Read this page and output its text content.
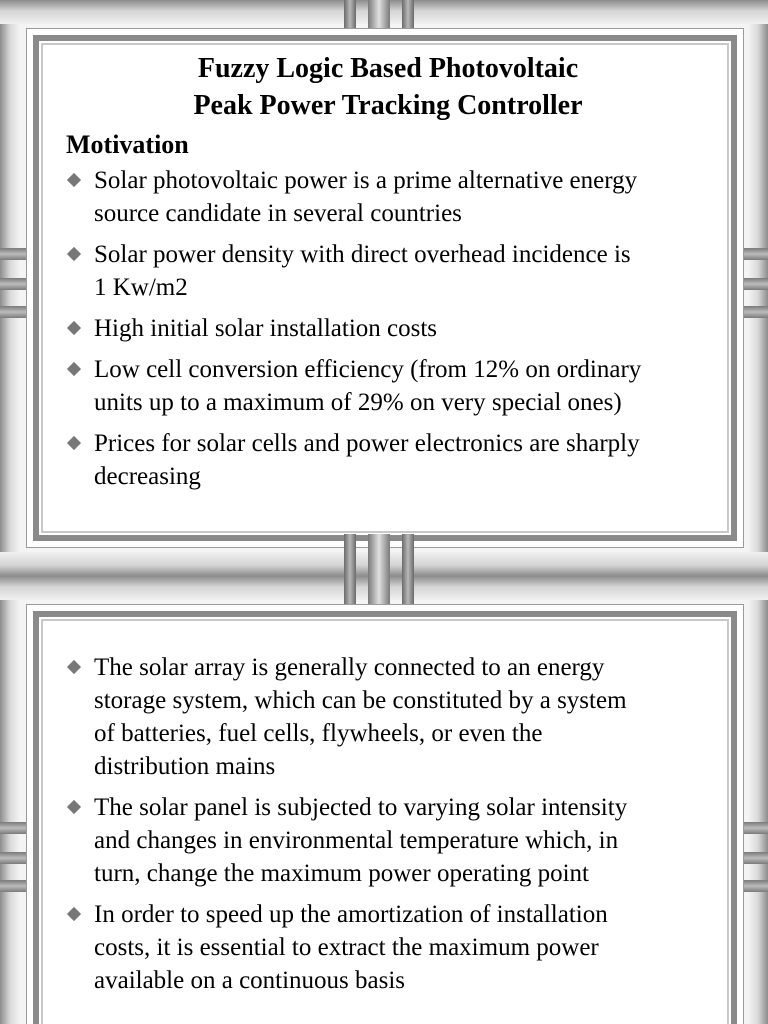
Fuzzy Logic Based Photovoltaic
Peak Power Tracking Controller
Motivation
Solar photovoltaic power is a prime alternative energy
source candidate in several countries
Solar power density with direct overhead incidence is
1 Kw/m2
High initial solar installation costs
Low cell conversion efficiency (from 12% on ordinary
units up to a maximum of 29% on very special ones)
Prices for solar cells and power electronics are sharply
decreasing
The solar array is generally connected to an energy
storage system, which can be constituted by a system
of batteries, fuel cells, flywheels, or even the
distribution mains
The solar panel is subjected to varying solar intensity
and changes in environmental temperature which, in
turn, change the maximum power operating point
In order to speed up the amortization of installation
costs, it is essential to extract the maximum power
available on a continuous basis
